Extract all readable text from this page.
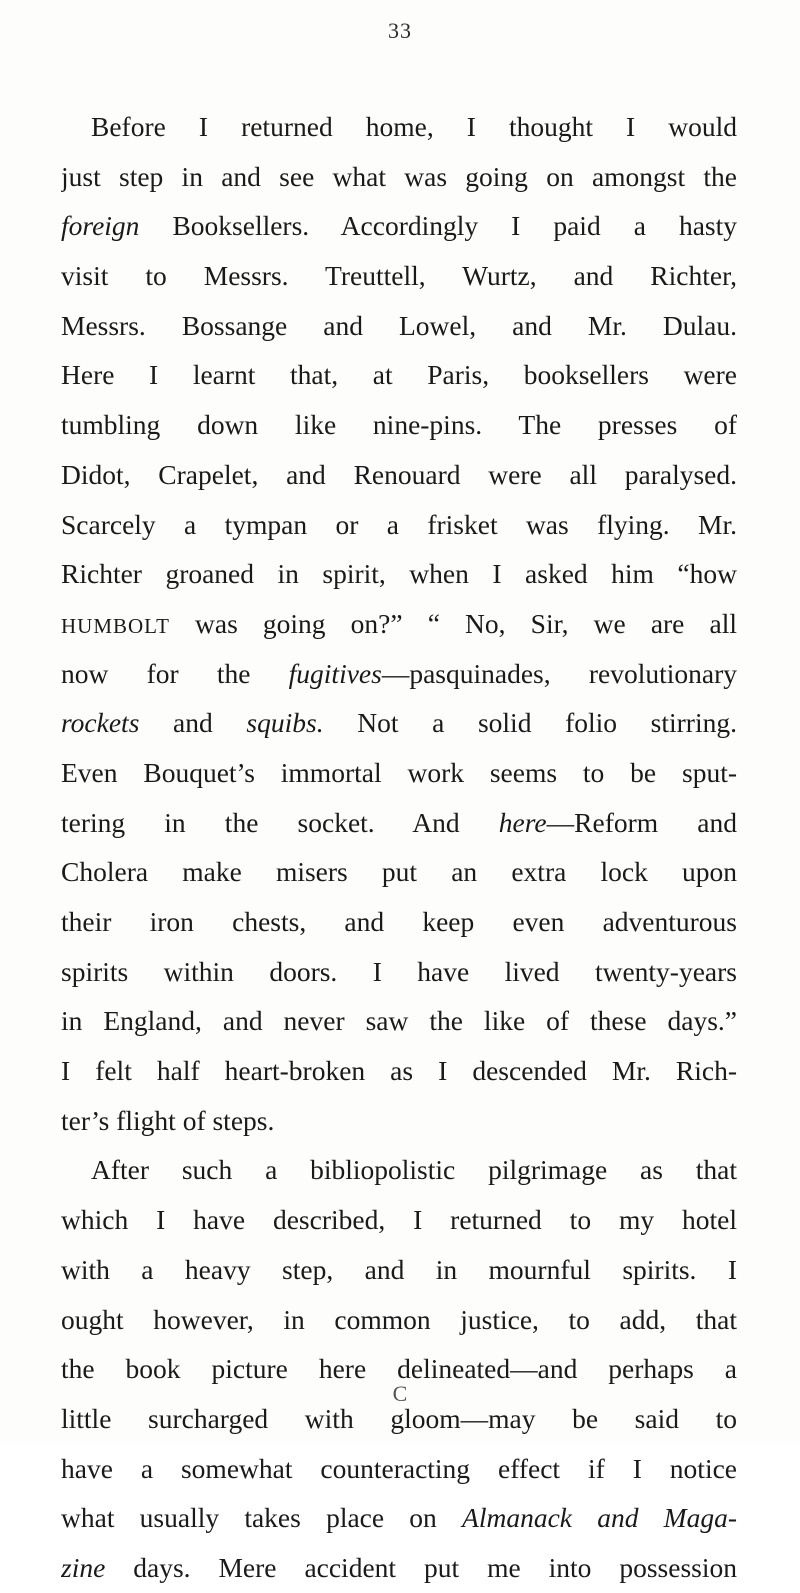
33
Before I returned home, I thought I would
just step in and see what was going on amongst the
foreign Booksellers. Accordingly I paid a hasty
visit to Messrs. Treuttell, Wurtz, and Richter,
Messrs. Bossange and Lowel, and Mr. Dulau.
Here I learnt that, at Paris, booksellers were
tumbling down like nine-pins. The presses of
Didot, Crapelet, and Renouard were all paralysed.
Scarcely a tympan or a frisket was flying. Mr.
Richter groaned in spirit, when I asked him “how
HUMBOLT was going on?” “ No, Sir, we are all
now for the fugitives—pasquinades, revolutionary
rockets and squibs. Not a solid folio stirring.
Even Bouquet’s immortal work seems to be sput-
tering in the socket. And here—Reform and
Cholera make misers put an extra lock upon
their iron chests, and keep even adventurous
spirits within doors. I have lived twenty-years
in England, and never saw the like of these days.”
I felt half heart-broken as I descended Mr. Rich-
ter’s flight of steps.
After such a bibliopolistic pilgrimage as that
which I have described, I returned to my hotel
with a heavy step, and in mournful spirits. I
ought however, in common justice, to add, that
the book picture here delineated—and perhaps a
little surcharged with gloom—may be said to
have a somewhat counteracting effect if I notice
what usually takes place on Almanack and Maga-
zine days. Mere accident put me into possession
C
